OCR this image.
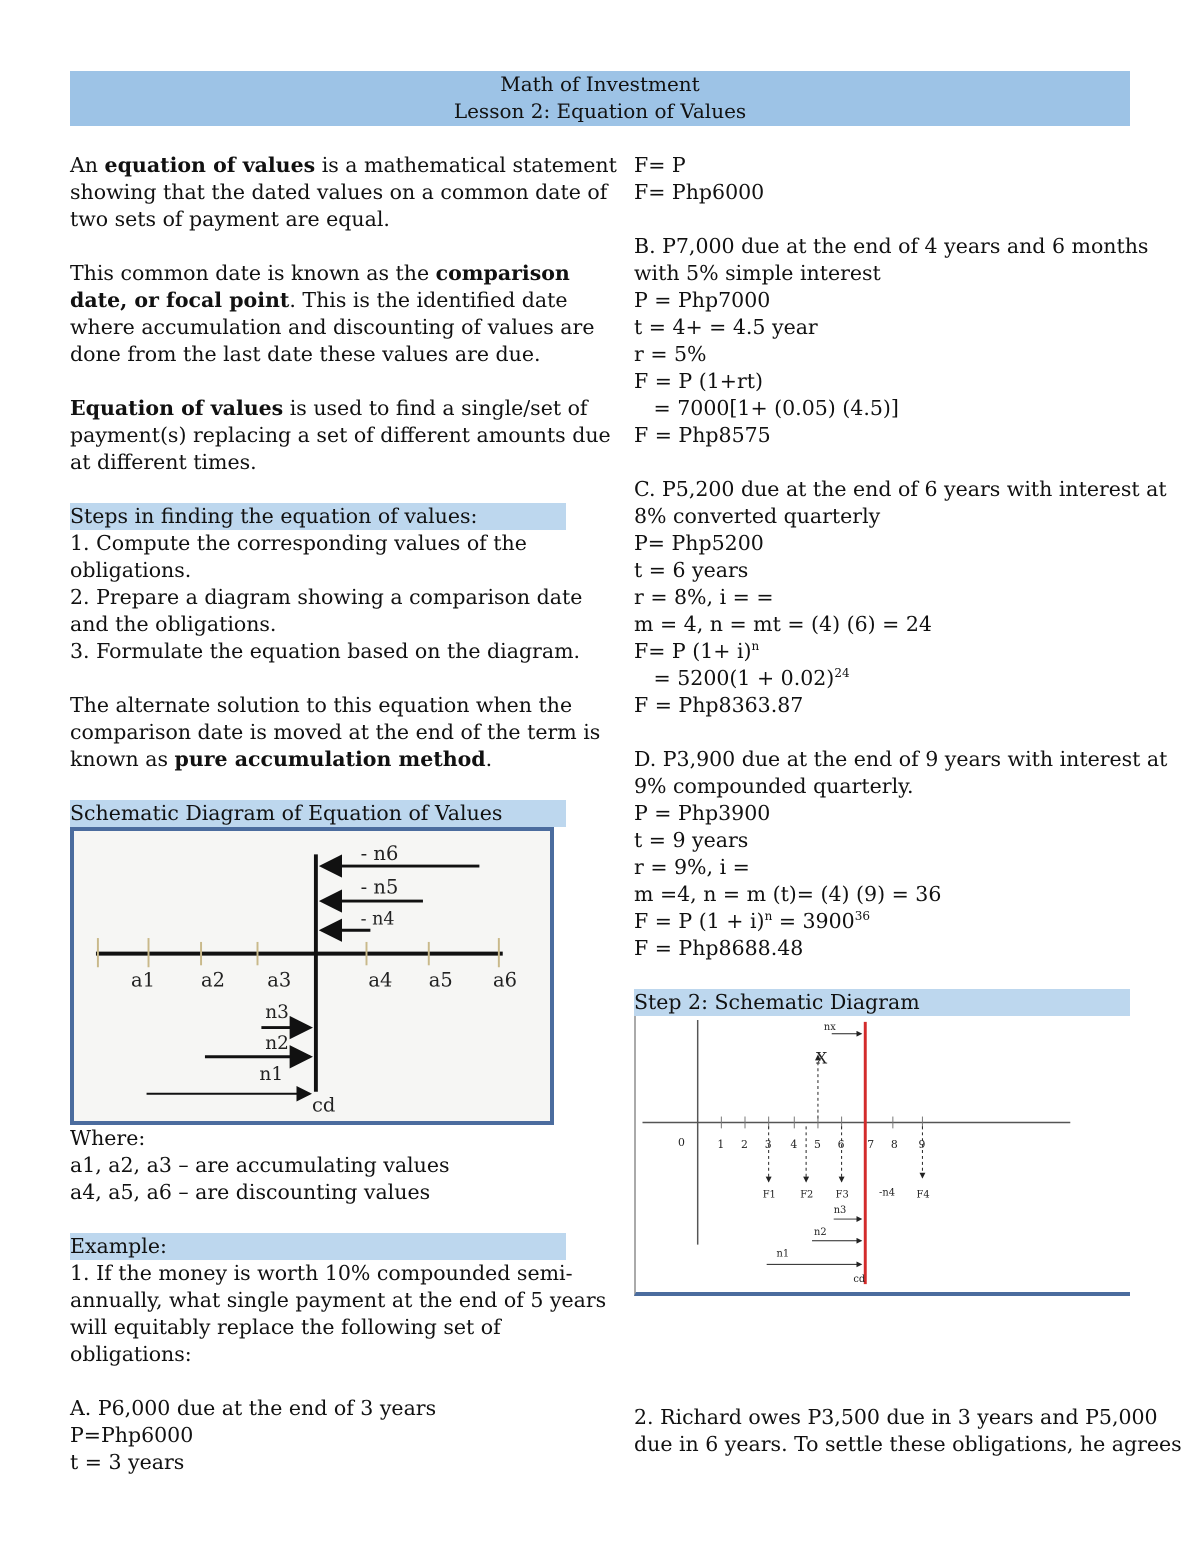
Math of Investment
Lesson 2: Equation of Values

An equation of values is a mathematical statement

showing that the dated values on a common date of

two sets of payment are equal.

This common date is known as the comparison

date, or focal point. This is the identified date

where accumulation and discounting of values are

done from the last date these values are due.

Equation of values is used to find a single/set of

payment(s) replacing a set of different amounts due

at different times.

Steps in finding the equation of values:

1. Compute the corresponding values of the

obligations.

2. Prepare a diagram showing a comparison date

and the obligations.

3. Formulate the equation based on the diagram.

The alternate solution to this equation when the

comparison date is moved at the end of the term is

known as pure accumulation method.

Schematic Diagram of Equation of Values

- n6
- n5
- n4
n3
n2
n1
a1 a2 a3	a4 a5 a6
cd

Where:

a1, a2, a3 – are accumulating values

a4, a5, a6 – are discounting values

Example:

1. If the money is worth 10% compounded semi-

annually, what single payment at the end of 5 years

will equitably replace the following set of

obligations:

A. P6,000 due at the end of 3 years

P=Php6000

t = 3 years

F= P

F= Php6000

B. P7,000 due at the end of 4 years and 6 months

with 5% simple interest

P = Php7000

t = 4+ = 4.5 year

r = 5%

F = P (1+rt)

= 7000[1+ (0.05) (4.5)]

F = Php8575

C. P5,200 due at the end of 6 years with interest at

8% converted quarterly

P= Php5200

t = 6 years

r = 8%, i = =

m = 4, n = mt = (4) (6) = 24

F= P $(1+ i)^n$

= $5200(1 + 0.02)^{24}$

F = Php8363.87

D. P3,900 due at the end of 9 years with interest at

9% compounded quarterly.

P = Php3900

t = 9 years

r = 9%, i =

m =4, n = m (t)= (4) (9) = 36

F = P $(1 + i)^n = 3900^{36}$

F = Php8688.48

Step 2: Schematic Diagram

0	1 2 3 4 5 6 7 8 9
F1 F2 F3	-n4 F4
n3
n2
n1
nx
cd
X

2. Richard owes P3,500 due in 3 years and P5,000

due in 6 years. To settle these obligations, he agrees
